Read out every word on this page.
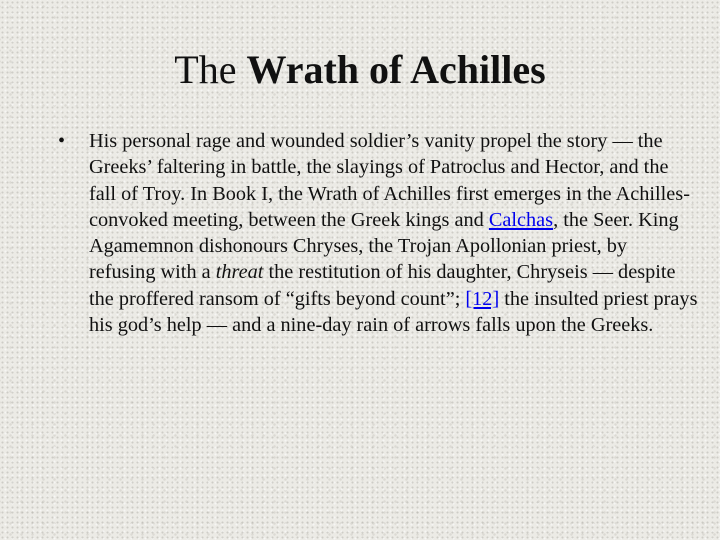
The Wrath of Achilles
•	His personal rage and wounded soldier’s vanity propel the story — the Greeks’ faltering in battle, the slayings of Patroclus and Hector, and the fall of Troy. In Book I, the Wrath of Achilles first emerges in the Achilles-convoked meeting, between the Greek kings and Calchas, the Seer. King Agamemnon dishonours Chryses, the Trojan Apollonian priest, by refusing with a threat the restitution of his daughter, Chryseis — despite the proffered ransom of “gifts beyond count”; [12] the insulted priest prays his god’s help — and a nine-day rain of arrows falls upon the Greeks.
